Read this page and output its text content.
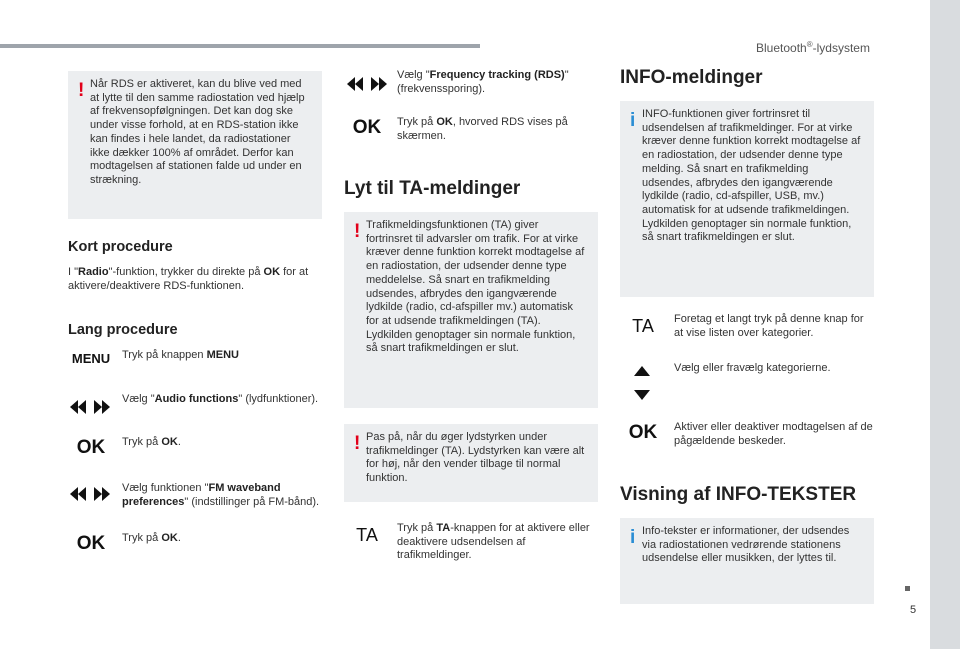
Bluetooth®-lydsystem
5
! Når RDS er aktiveret, kan du blive ved med at lytte til den samme radiostation ved hjælp af frekvensopfølgningen. Det kan dog ske under visse forhold, at en RDS-station ikke kan findes i hele landet, da radiostationer ikke dækker 100% af området. Derfor kan modtagelsen af stationen falde ud under en strækning.
Kort procedure
I "Radio"-funktion, trykker du direkte på OK for at aktivere/deaktivere RDS-funktionen.
Lang procedure
MENU	Tryk på knappen MENU
Vælg "Audio functions" (lydfunktioner).
OK	Tryk på OK.
Vælg funktionen "FM waveband preferences" (indstillinger på FM-bånd).
OK	Tryk på OK.
Vælg "Frequency tracking (RDS)" (frekvenssporing).
OK	Tryk på OK, hvorved RDS vises på skærmen.
Lyt til TA-meldinger
! Trafikmeldingsfunktionen (TA) giver fortrinsret til advarsler om trafik. For at virke kræver denne funktion korrekt modtagelse af en radiostation, der udsender denne type meddelelse. Så snart en trafikmelding udsendes, afbrydes den igangværende lydkilde (radio, cd-afspiller mv.) automatisk for at udsende trafikmeldingen (TA). Lydkilden genoptager sin normale funktion, så snart trafikmeldingen er slut.
! Pas på, når du øger lydstyrken under trafikmeldinger (TA). Lydstyrken kan være alt for høj, når den vender tilbage til normal funktion.
TA	Tryk på TA-knappen for at aktivere eller deaktivere udsendelsen af trafikmeldinger.
INFO-meldinger
i INFO-funktionen giver fortrinsret til udsendelsen af trafikmeldinger. For at virke kræver denne funktion korrekt modtagelse af en radiostation, der udsender denne type melding. Så snart en trafikmelding udsendes, afbrydes den igangværende lydkilde (radio, cd-afspiller, USB, mv.) automatisk for at udsende trafikmeldingen. Lydkilden genoptager sin normale funktion, så snart trafikmeldingen er slut.
TA	Foretag et langt tryk på denne knap for at vise listen over kategorier.
Vælg eller fravælg kategorierne.
OK	Aktiver eller deaktiver modtagelsen af de pågældende beskeder.
Visning af INFO-TEKSTER
i Info-tekster er informationer, der udsendes via radiostationen vedrørende stationens udsendelse eller musikken, der lyttes til.
